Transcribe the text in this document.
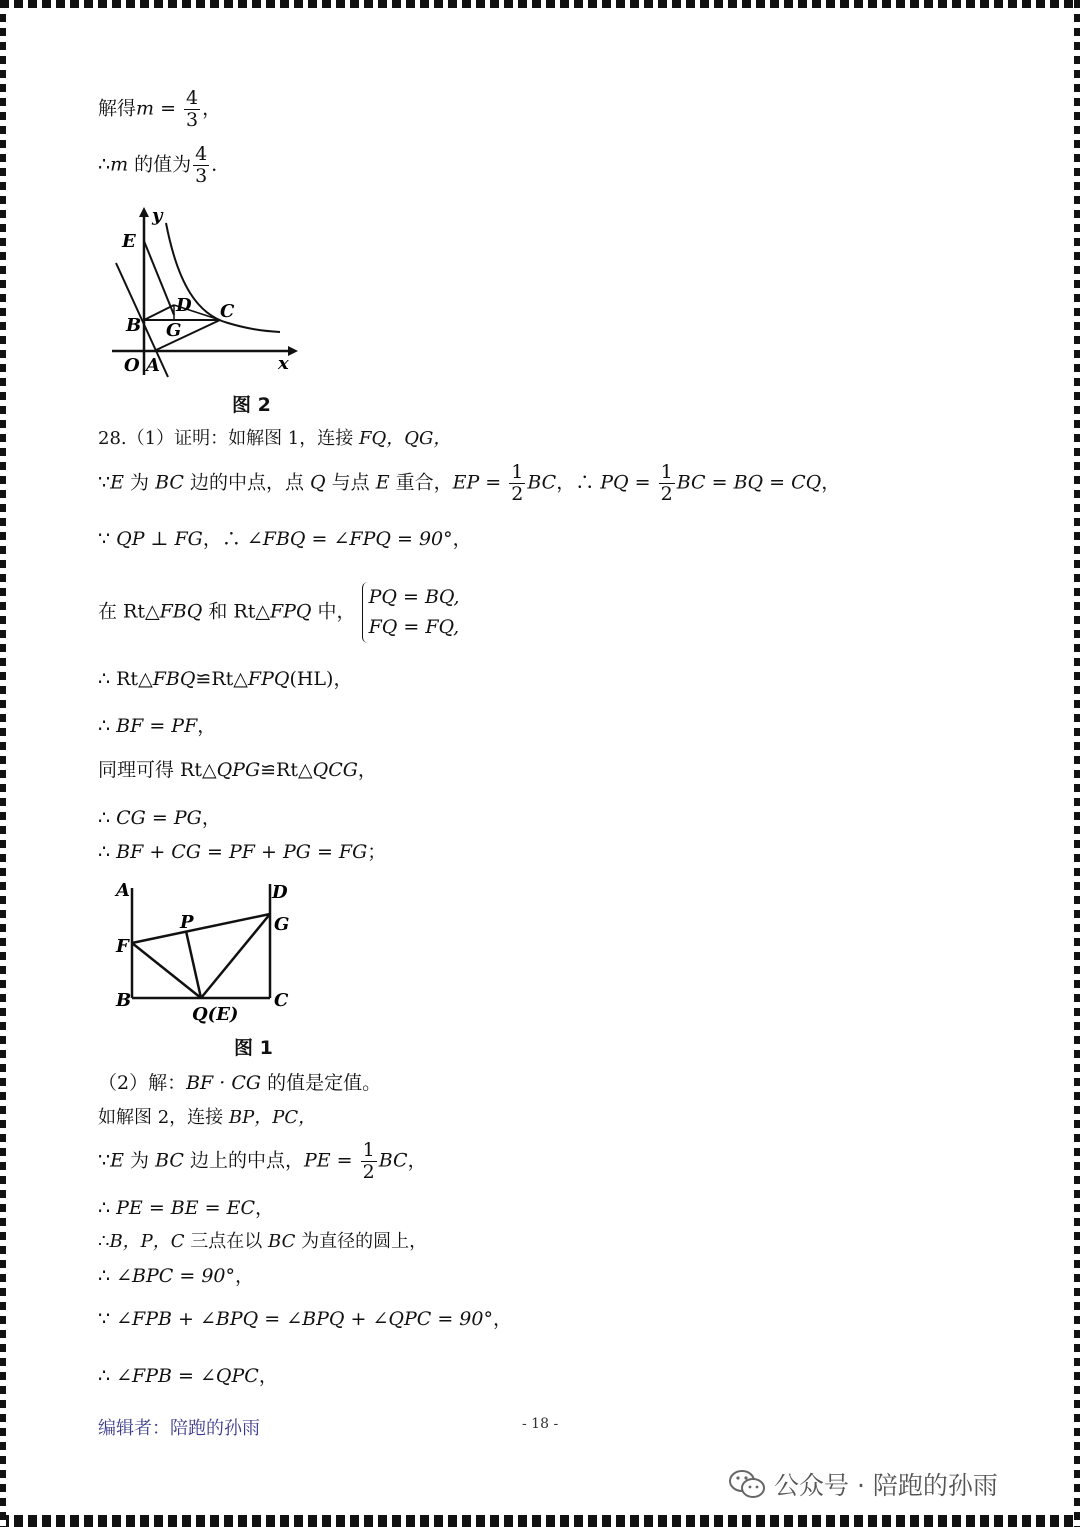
解得$m = \frac{4}{3}$ ，
∴m 的值为 $\frac{4}{3}$ ．
y
E
D C
B G
O A	x
图 2
28.（1）证明：如解图 1，连接 FQ，QG，
∵E 为 BC 边的中点，点 Q 与点 E 重合，EP = $\frac{1}{2}$ BC，∴ PQ = $\frac{1}{2}$ BC = BQ = CQ，
∵ QP ⊥ FG，∴ ∠FBQ = ∠FPQ = 90°，
在 Rt△FBQ 和 Rt△FPQ 中，
PQ = BQ,
FQ = FQ,
∴ Rt△FBQ≌Rt△FPQ(HL)，
∴ BF = PF，
同理可得 Rt△QPG≌Rt△QCG，
∴ CG = PG，
∴ BF + CG = PF + PG = FG；
A	D
P	G
F
B	C
Q(E)
图 1
（2）解：BF · CG 的值是定值。
如解图 2，连接 BP，PC，
∵E 为 BC 边上的中点，PE = $\frac{1}{2}$ BC，
∴ PE = BE = EC，
∴B，P，C 三点在以 BC 为直径的圆上，
∴ ∠BPC = 90°，
∵ ∠FPB + ∠BPQ = ∠BPQ + ∠QPC = 90°，
∴ ∠FPB = ∠QPC，
编辑者：陪跑的孙雨	- 18 -
公众号 · 陪跑的孙雨
